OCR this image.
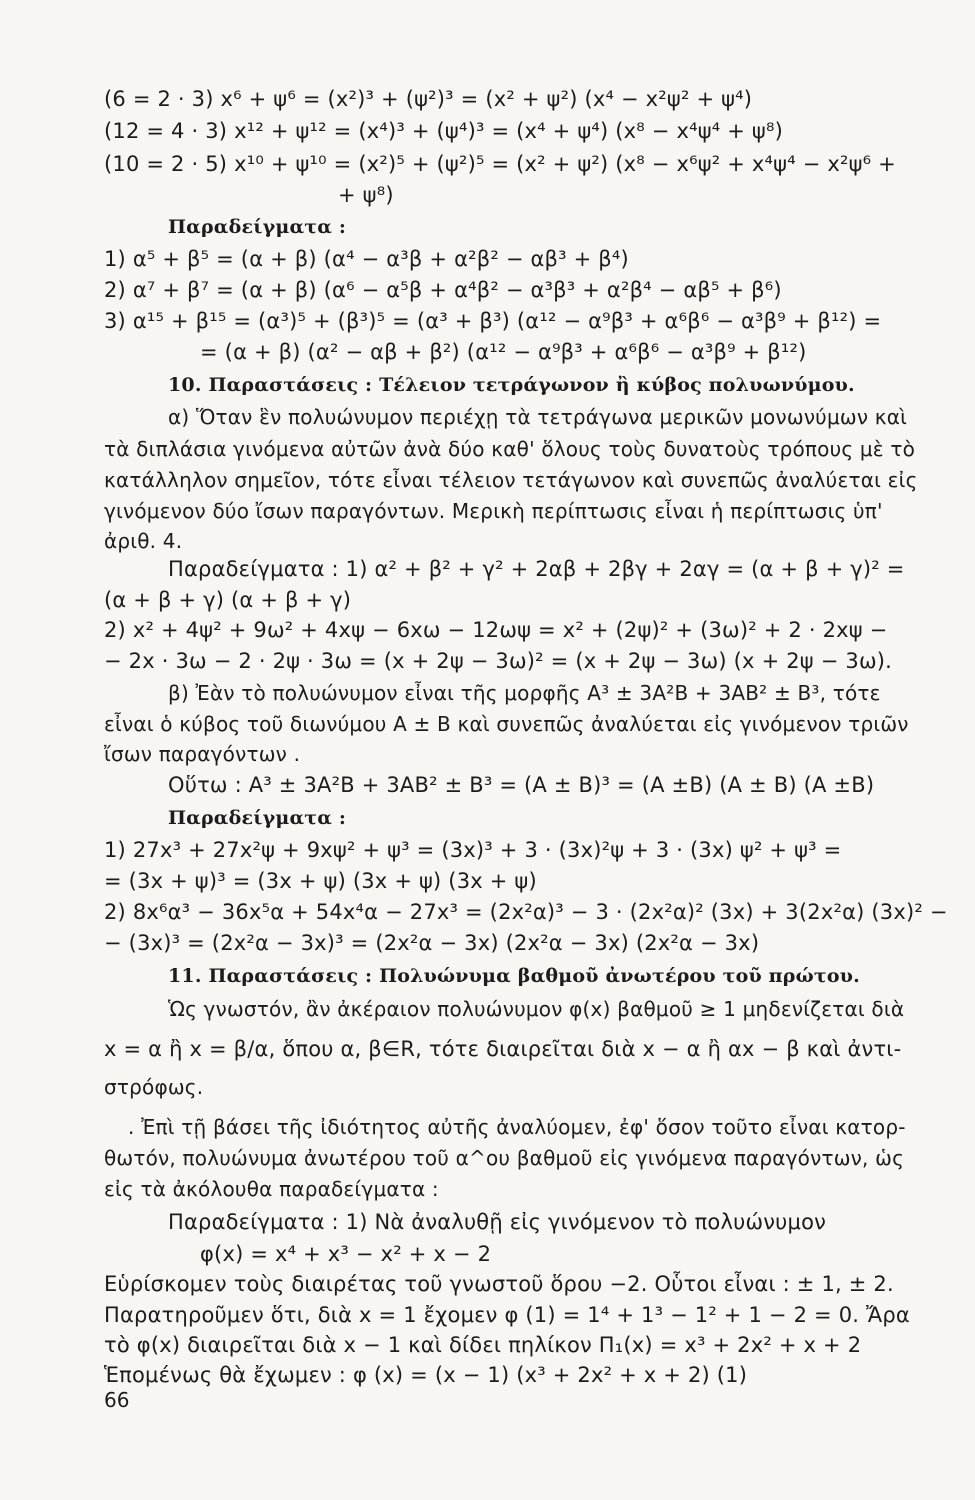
(6 = 2 · 3) x⁶ + ψ⁶ = (x²)³ + (ψ²)³ = (x² + ψ²) (x⁴ − x²ψ² + ψ⁴)
(12 = 4 · 3) x¹² + ψ¹² = (x⁴)³ + (ψ⁴)³ = (x⁴ + ψ⁴) (x⁸ − x⁴ψ⁴ + ψ⁸)
(10 = 2 · 5) x¹⁰ + ψ¹⁰ = (x²)⁵ + (ψ²)⁵ = (x² + ψ²) (x⁸ − x⁶ψ² + x⁴ψ⁴ − x²ψ⁶ +
+ ψ⁸)
Παραδείγματα :
1) α⁵ + β⁵ = (α + β) (α⁴ − α³β + α²β² − αβ³ + β⁴)
2) α⁷ + β⁷ = (α + β) (α⁶ − α⁵β + α⁴β² − α³β³ + α²β⁴ − αβ⁵ + β⁶)
3) α¹⁵ + β¹⁵ = (α³)⁵ + (β³)⁵ = (α³ + β³) (α¹² − α⁹β³ + α⁶β⁶ − α³β⁹ + β¹²) =
= (α + β) (α² − αβ + β²) (α¹² − α⁹β³ + α⁶β⁶ − α³β⁹ + β¹²)
10. Παραστάσεις : Τέλειον τετράγωνον ἢ κύβος πολυωνύμου.
α) Ὅταν ἓν πολυώνυμον περιέχῃ τὰ τετράγωνα μερικῶν μονωνύμων καὶ
τὰ διπλάσια γινόμενα αὐτῶν ἀνὰ δύο καθ' ὅλους τοὺς δυνατοὺς τρόπους μὲ τὸ
κατάλληλον σημεῖον, τότε εἶναι τέλειον τετάγωνον καὶ συνεπῶς ἀναλύεται εἰς
γινόμενον δύο ἴσων παραγόντων. Μερικὴ περίπτωσις εἶναι ἡ περίπτωσις ὑπ'
ἀριθ. 4.
Παραδείγματα : 1) α² + β² + γ² + 2αβ + 2βγ + 2αγ = (α + β + γ)² =
(α + β + γ) (α + β + γ)
2) x² + 4ψ² + 9ω² + 4xψ − 6xω − 12ωψ = x² + (2ψ)² + (3ω)² + 2 · 2xψ −
− 2x · 3ω − 2 · 2ψ · 3ω = (x + 2ψ − 3ω)² = (x + 2ψ − 3ω) (x + 2ψ − 3ω).
β) Ἐὰν τὸ πολυώνυμον εἶναι τῆς μορφῆς A³ ± 3A²B + 3AB² ± B³, τότε
εἶναι ὁ κύβος τοῦ διωνύμου A ± B καὶ συνεπῶς ἀναλύεται εἰς γινόμενον τριῶν
ἴσων παραγόντων .
Οὕτω : A³ ± 3A²B + 3AB² ± B³ = (A ± B)³ = (A ±B) (A ± B) (A ±B)
Παραδείγματα :
1) 27x³ + 27x²ψ + 9xψ² + ψ³ = (3x)³ + 3 · (3x)²ψ + 3 · (3x) ψ² + ψ³ =
= (3x + ψ)³ = (3x + ψ) (3x + ψ) (3x + ψ)
2) 8x⁶α³ − 36x⁵α + 54x⁴α − 27x³ = (2x²α)³ − 3 · (2x²α)² (3x) + 3(2x²α) (3x)² −
− (3x)³ = (2x²α − 3x)³ = (2x²α − 3x) (2x²α − 3x) (2x²α − 3x)
11. Παραστάσεις : Πολυώνυμα βαθμοῦ ἀνωτέρου τοῦ πρώτου.
Ὡς γνωστόν, ἂν ἀκέραιον πολυώνυμον φ(x) βαθμοῦ ≥ 1 μηδενίζεται διὰ
x = α ἢ x = β/α, ὅπου α, β∈R, τότε διαιρεῖται διὰ x − α ἢ αx − β καὶ ἀντι-
στρόφως.
. Ἐπὶ τῇ βάσει τῆς ἰδιότητος αὐτῆς ἀναλύομεν, ἐφ' ὅσον τοῦτο εἶναι κατορ-
θωτόν, πολυώνυμα ἀνωτέρου τοῦ α^ου βαθμοῦ εἰς γινόμενα παραγόντων, ὡς
εἰς τὰ ἀκόλουθα παραδείγματα :
Παραδείγματα : 1) Νὰ ἀναλυθῇ εἰς γινόμενον τὸ πολυώνυμον
φ(x) = x⁴ + x³ − x² + x − 2
Εὑρίσκομεν τοὺς διαιρέτας τοῦ γνωστοῦ ὅρου −2. Οὗτοι εἶναι : ± 1, ± 2.
Παρατηροῦμεν ὅτι, διὰ x = 1 ἔχομεν φ (1) = 1⁴ + 1³ − 1² + 1 − 2 = 0. Ἄρα
τὸ φ(x) διαιρεῖται διὰ x − 1 καὶ δίδει πηλίκον Π₁(x) = x³ + 2x² + x + 2
Ἑπομένως θὰ ἔχωμεν : φ (x) = (x − 1) (x³ + 2x² + x + 2) (1)
66
